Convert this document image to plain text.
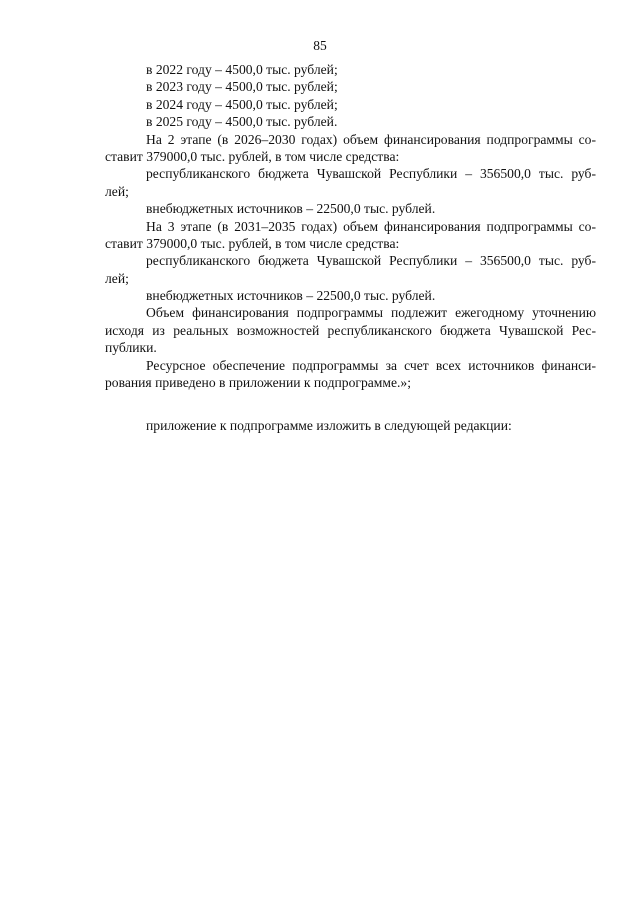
85
в 2022 году – 4500,0 тыс. рублей;
в 2023 году – 4500,0 тыс. рублей;
в 2024 году – 4500,0 тыс. рублей;
в 2025 году – 4500,0 тыс. рублей.
На 2 этапе (в 2026–2030 годах) объем финансирования подпрограммы со-
ставит 379000,0 тыс. рублей, в том числе средства:
республиканского бюджета Чувашской Республики – 356500,0 тыс. руб-
лей;
внебюджетных источников – 22500,0 тыс. рублей.
На 3 этапе (в 2031–2035 годах) объем финансирования подпрограммы со-
ставит 379000,0 тыс. рублей, в том числе средства:
республиканского бюджета Чувашской Республики – 356500,0 тыс. руб-
лей;
внебюджетных источников – 22500,0 тыс. рублей.
Объем финансирования подпрограммы подлежит ежегодному уточнению
исходя из реальных возможностей республиканского бюджета Чувашской Рес-
публики.
Ресурсное обеспечение подпрограммы за счет всех источников финанси-
рования приведено в приложении к подпрограмме.»;
приложение к подпрограмме изложить в следующей редакции:
